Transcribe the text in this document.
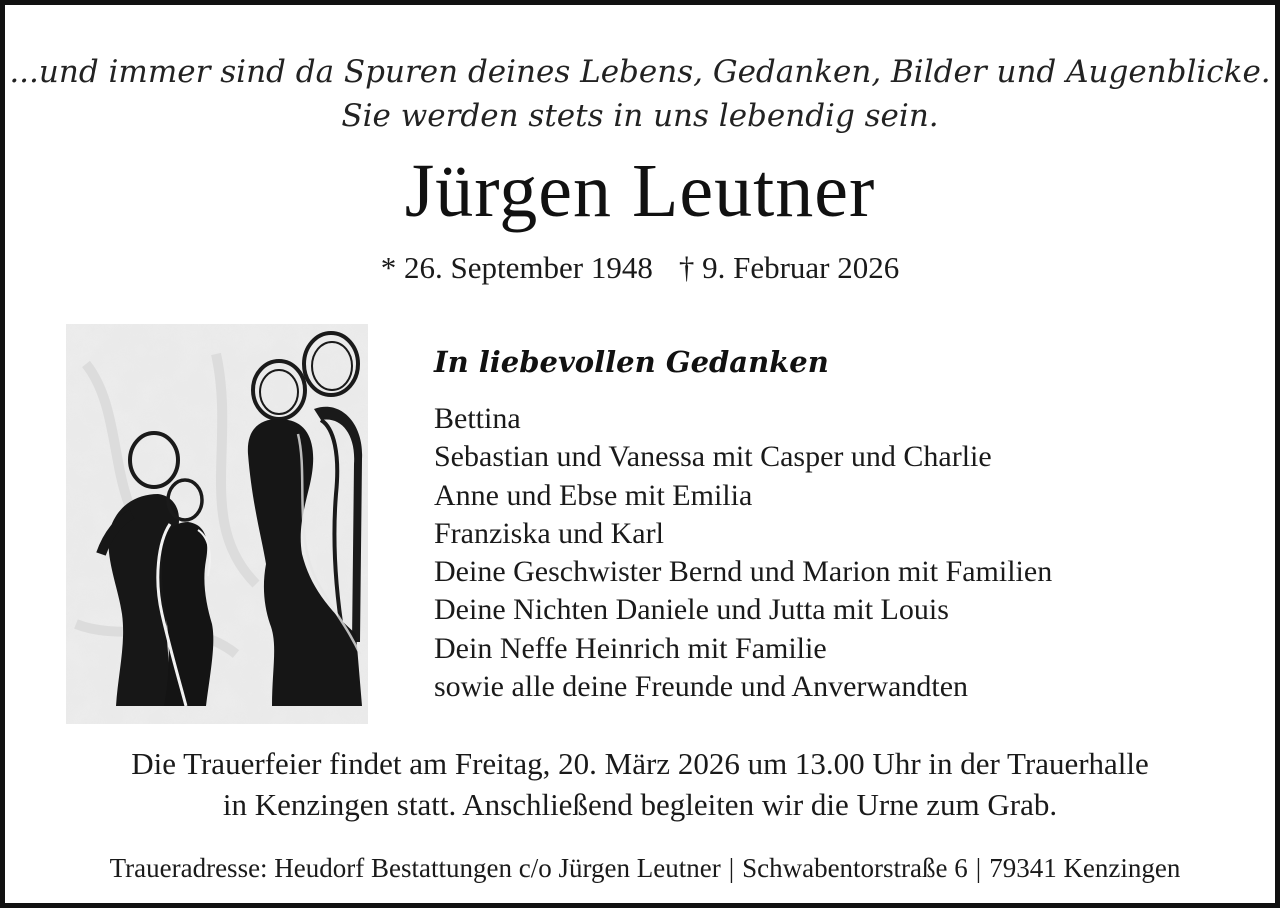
...und immer sind da Spuren deines Lebens, Gedanken, Bilder und Augenblicke.
Sie werden stets in uns lebendig sein.
Jürgen Leutner
* 26. September 1948 † 9. Februar 2026
In liebevollen Gedanken
Bettina
Sebastian und Vanessa mit Casper und Charlie
Anne und Ebse mit Emilia
Franziska und Karl
Deine Geschwister Bernd und Marion mit Familien
Deine Nichten Daniele und Jutta mit Louis
Dein Neffe Heinrich mit Familie
sowie alle deine Freunde und Anverwandten
Die Trauerfeier findet am Freitag, 20. März 2026 um 13.00 Uhr in der Trauerhalle
in Kenzingen statt. Anschließend begleiten wir die Urne zum Grab.
Traueradresse: Heudorf Bestattungen c/o Jürgen Leutner | Schwabentorstraße 6 | 79341 Kenzingen
